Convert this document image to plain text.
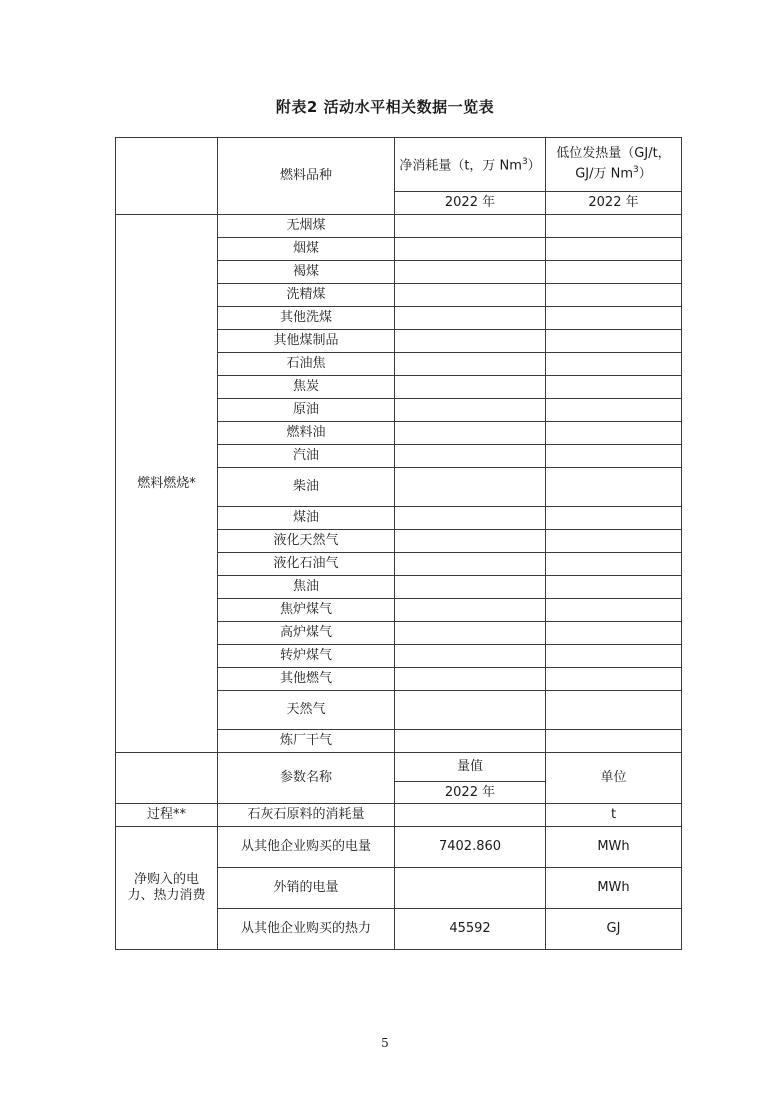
附表2 活动水平相关数据一览表
	燃料品种	净消耗量（t，万 Nm$^3$）	低位发热量（GJ/t，
GJ/万 Nm$^3$）
		2022 年	2022 年
燃料燃烧*	无烟煤		
	烟煤		
	褐煤		
	洗精煤		
	其他洗煤		
	其他煤制品		
	石油焦		
	焦炭		
	原油		
	燃料油		
	汽油		
	柴油		
	煤油		
	液化天然气		
	液化石油气		
	焦油		
	焦炉煤气		
	高炉煤气		
	转炉煤气		
	其他燃气		
	天然气		
	炼厂干气		
	参数名称	量值	单位
		2022 年	
过程**	石灰石原料的消耗量		t
净购入的电
力、热力消费	从其他企业购买的电量	7402.860	MWh
	外销的电量		MWh
	从其他企业购买的热力	45592	GJ
5
